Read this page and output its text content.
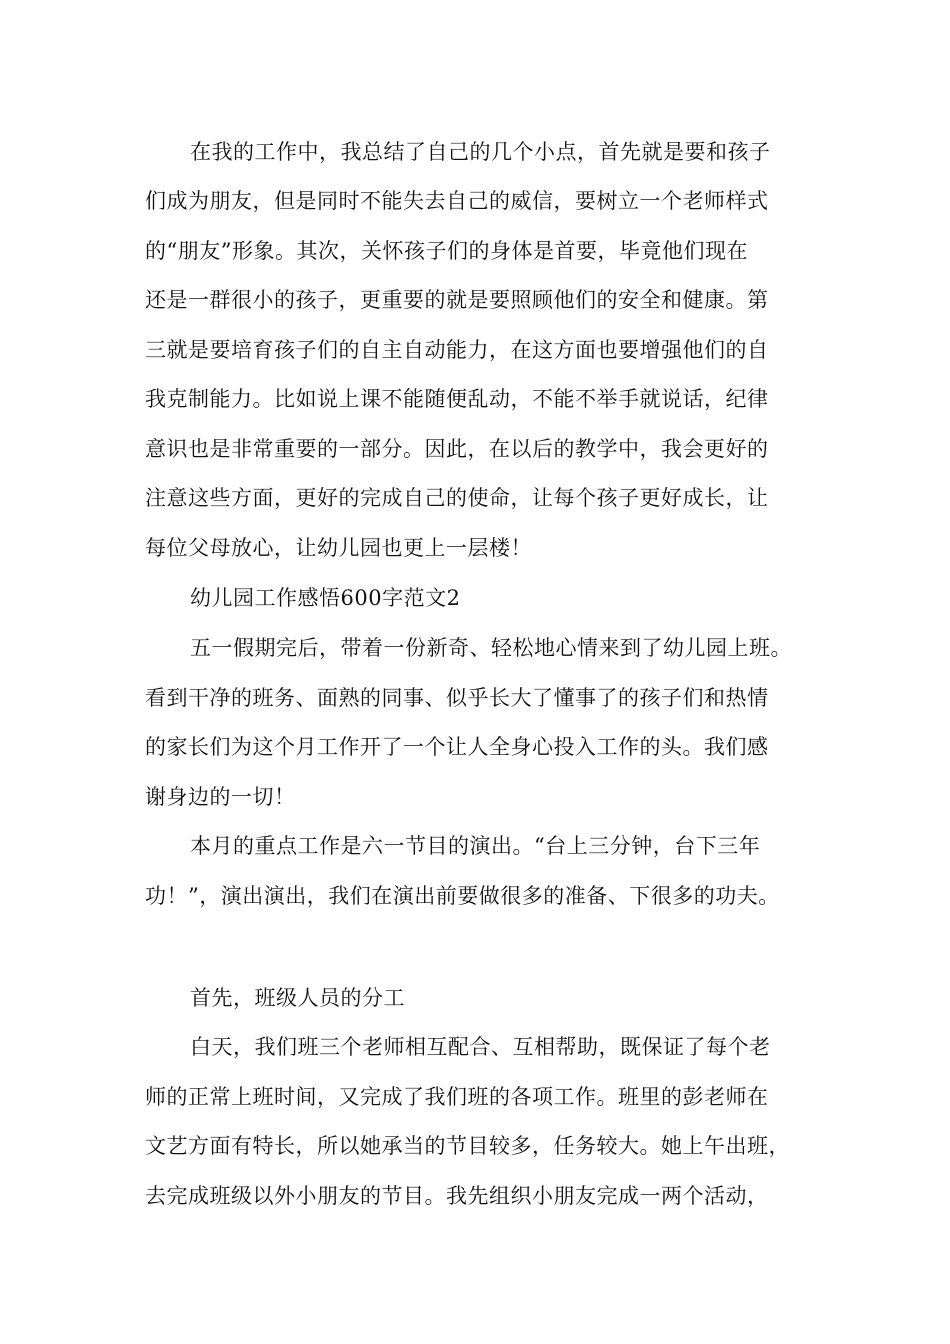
在我的工作中，我总结了自己的几个小点，首先就是要和孩子
们成为朋友，但是同时不能失去自己的威信，要树立一个老师样式
的“朋友”形象。其次，关怀孩子们的身体是首要，毕竟他们现在
还是一群很小的孩子，更重要的就是要照顾他们的安全和健康。第
三就是要培育孩子们的自主自动能力，在这方面也要增强他们的自
我克制能力。比如说上课不能随便乱动，不能不举手就说话，纪律
意识也是非常重要的一部分。因此，在以后的教学中，我会更好的
注意这些方面，更好的完成自己的使命，让每个孩子更好成长，让
每位父母放心，让幼儿园也更上一层楼！
幼儿园工作感悟600字范文2
五一假期完后，带着一份新奇、轻松地心情来到了幼儿园上班。
看到干净的班务、面熟的同事、似乎长大了懂事了的孩子们和热情
的家长们为这个月工作开了一个让人全身心投入工作的头。我们感
谢身边的一切！
本月的重点工作是六一节目的演出。“台上三分钟，台下三年
功！”，演出演出，我们在演出前要做很多的准备、下很多的功夫。
首先，班级人员的分工
白天，我们班三个老师相互配合、互相帮助，既保证了每个老
师的正常上班时间，又完成了我们班的各项工作。班里的彭老师在
文艺方面有特长，所以她承当的节目较多，任务较大。她上午出班，
去完成班级以外小朋友的节目。我先组织小朋友完成一两个活动，
